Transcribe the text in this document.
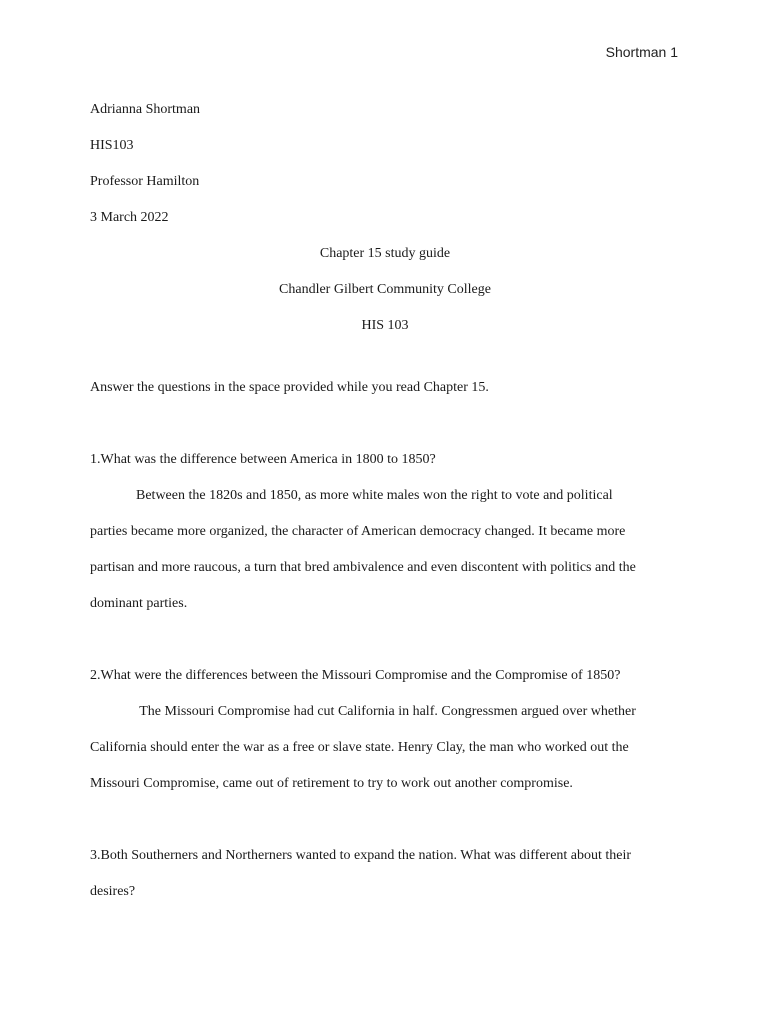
Shortman 1
Adrianna Shortman
HIS103
Professor Hamilton
3 March 2022
Chapter 15 study guide
Chandler Gilbert Community College
HIS 103
Answer the questions in the space provided while you read Chapter 15.
1.What was the difference between America in 1800 to 1850?
Between the 1820s and 1850, as more white males won the right to vote and political
parties became more organized, the character of American democracy changed. It became more
partisan and more raucous, a turn that bred ambivalence and even discontent with politics and the
dominant parties.
2.What were the differences between the Missouri Compromise and the Compromise of 1850?
The Missouri Compromise had cut California in half. Congressmen argued over whether
California should enter the war as a free or slave state. Henry Clay, the man who worked out the
Missouri Compromise, came out of retirement to try to work out another compromise.
3.Both Southerners and Northerners wanted to expand the nation. What was different about their
desires?
